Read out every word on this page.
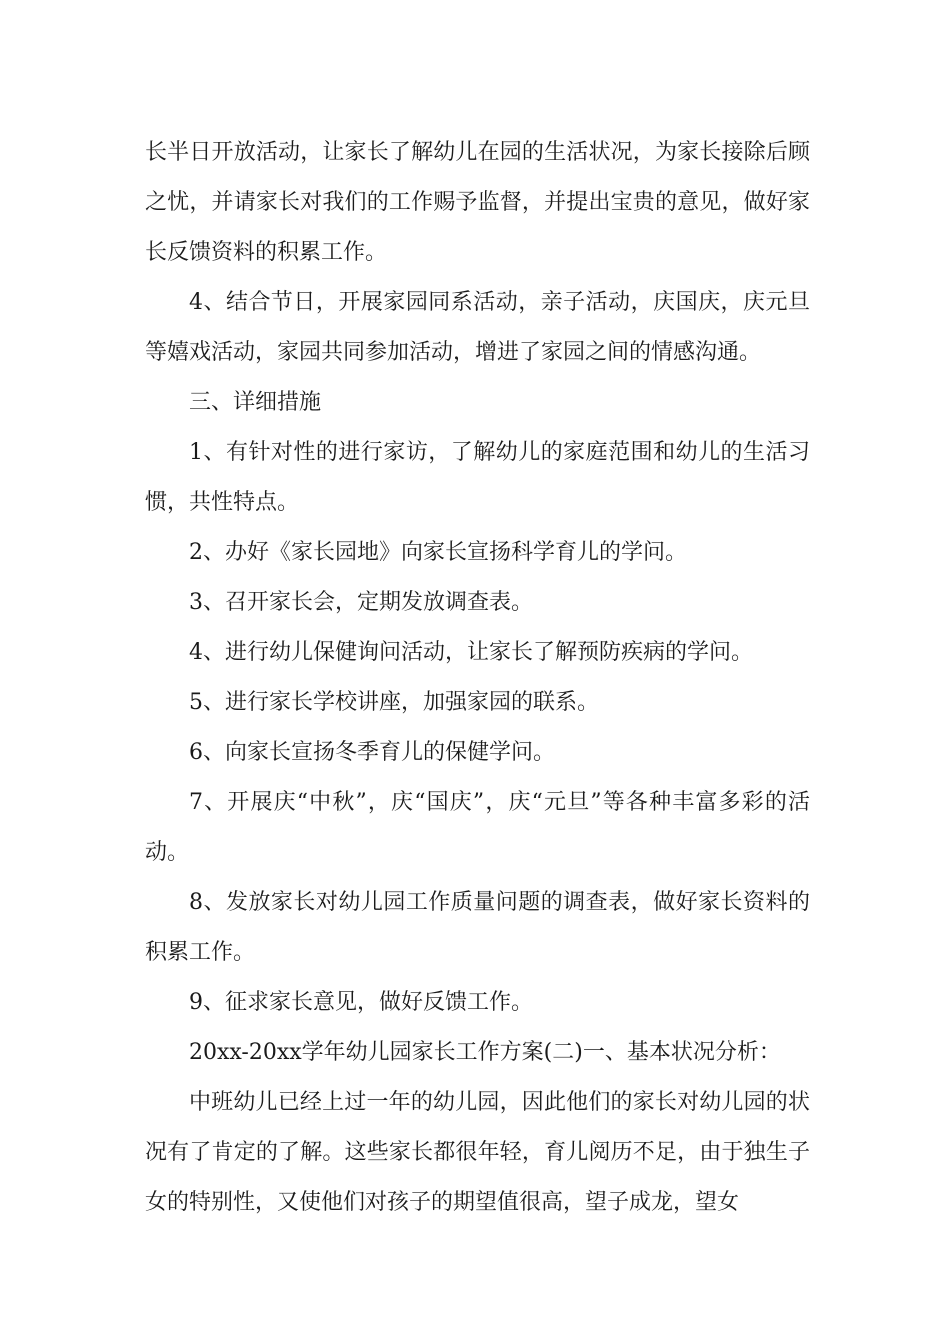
长半日开放活动，让家长了解幼儿在园的生活状况，为家长接除后顾之忧，并请家长对我们的工作赐予监督，并提出宝贵的意见，做好家长反馈资料的积累工作。

4、结合节日，开展家园同系活动，亲子活动，庆国庆，庆元旦等嬉戏活动，家园共同参加活动，增进了家园之间的情感沟通。

三、详细措施

1、有针对性的进行家访，了解幼儿的家庭范围和幼儿的生活习惯，共性特点。

2、办好《家长园地》向家长宣扬科学育儿的学问。

3、召开家长会，定期发放调查表。

4、进行幼儿保健询问活动，让家长了解预防疾病的学问。

5、进行家长学校讲座，加强家园的联系。

6、向家长宣扬冬季育儿的保健学问。

7、开展庆“中秋”，庆“国庆”，庆“元旦”等各种丰富多彩的活动。

8、发放家长对幼儿园工作质量问题的调查表，做好家长资料的积累工作。

9、征求家长意见，做好反馈工作。

20xx-20xx学年幼儿园家长工作方案(二)一、基本状况分析：

中班幼儿已经上过一年的幼儿园，因此他们的家长对幼儿园的状况有了肯定的了解。这些家长都很年轻，育儿阅历不足，由于独生子女的特别性，又使他们对孩子的期望值很高，望子成龙，望女
